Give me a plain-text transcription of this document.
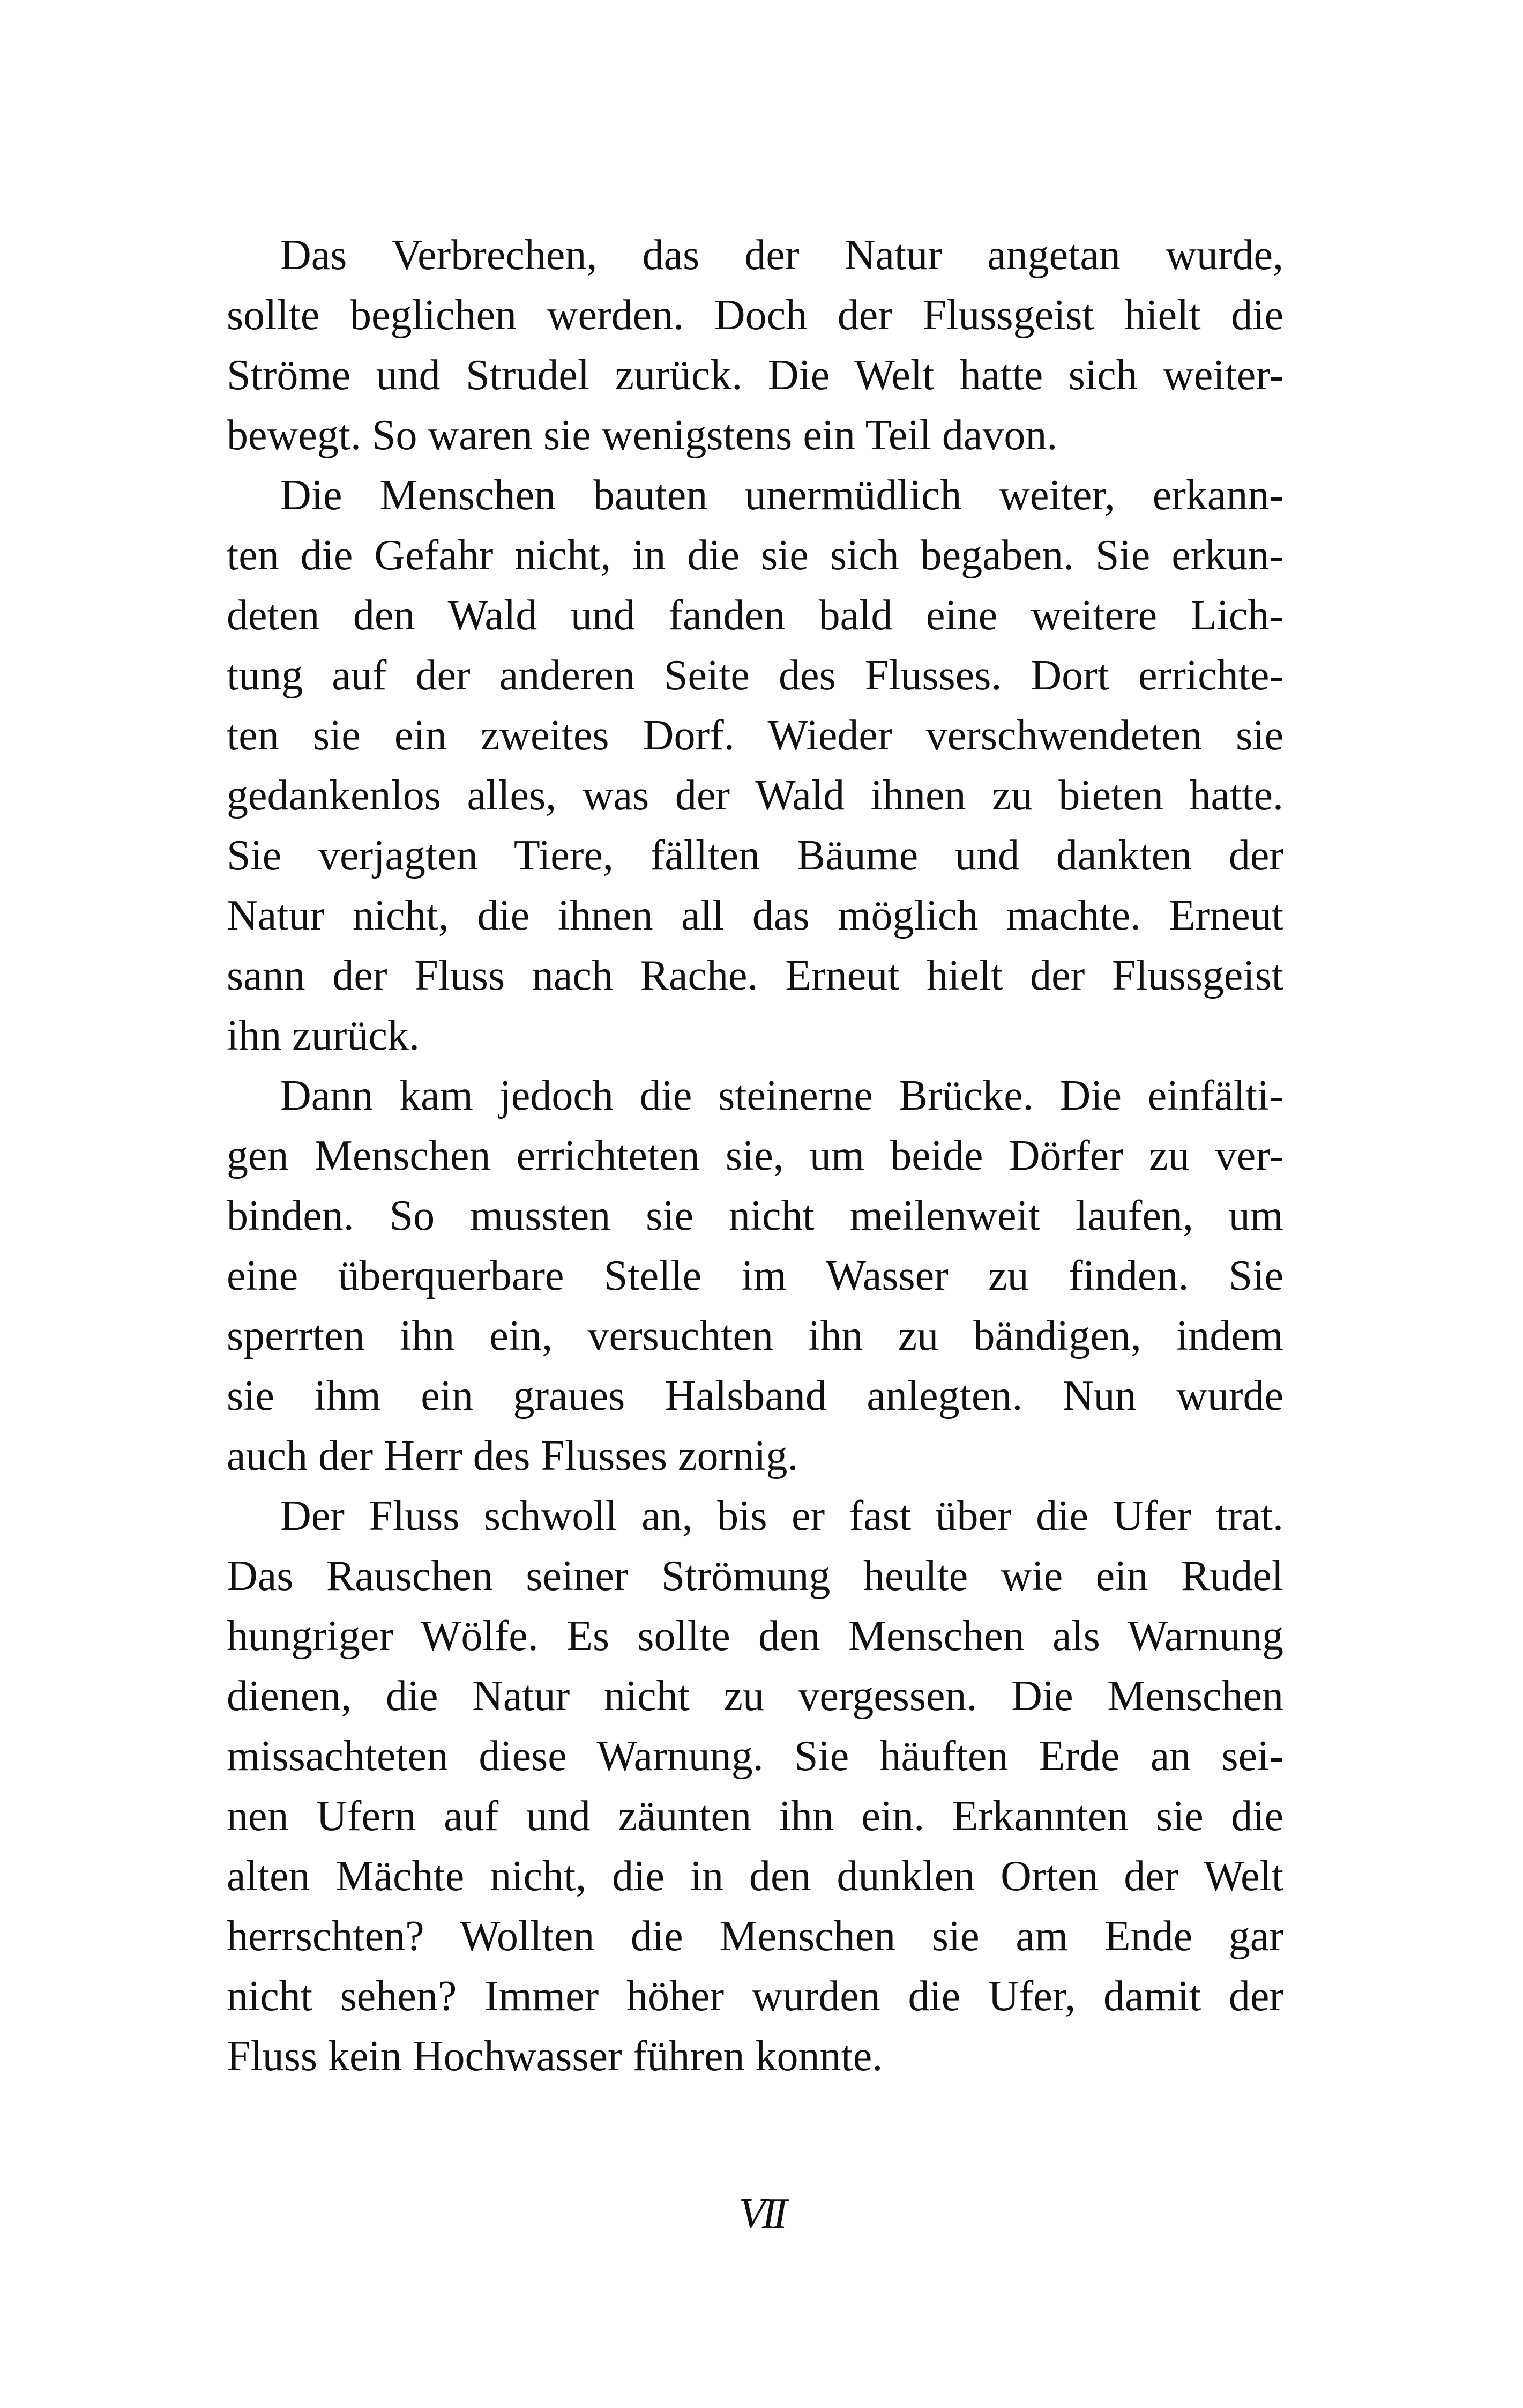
Das Verbrechen, das der Natur angetan wurde,
sollte beglichen werden. Doch der Flussgeist hielt die
Ströme und Strudel zurück. Die Welt hatte sich weiter-
bewegt. So waren sie wenigstens ein Teil davon.
Die Menschen bauten unermüdlich weiter, erkann-
ten die Gefahr nicht, in die sie sich begaben. Sie erkun-
deten den Wald und fanden bald eine weitere Lich-
tung auf der anderen Seite des Flusses. Dort errichte-
ten sie ein zweites Dorf. Wieder verschwendeten sie
gedankenlos alles, was der Wald ihnen zu bieten hatte.
Sie verjagten Tiere, fällten Bäume und dankten der
Natur nicht, die ihnen all das möglich machte. Erneut
sann der Fluss nach Rache. Erneut hielt der Flussgeist
ihn zurück.
Dann kam jedoch die steinerne Brücke. Die einfälti-
gen Menschen errichteten sie, um beide Dörfer zu ver-
binden. So mussten sie nicht meilenweit laufen, um
eine überquerbare Stelle im Wasser zu finden. Sie
sperrten ihn ein, versuchten ihn zu bändigen, indem
sie ihm ein graues Halsband anlegten. Nun wurde
auch der Herr des Flusses zornig.
Der Fluss schwoll an, bis er fast über die Ufer trat.
Das Rauschen seiner Strömung heulte wie ein Rudel
hungriger Wölfe. Es sollte den Menschen als Warnung
dienen, die Natur nicht zu vergessen. Die Menschen
missachteten diese Warnung. Sie häuften Erde an sei-
nen Ufern auf und zäunten ihn ein. Erkannten sie die
alten Mächte nicht, die in den dunklen Orten der Welt
herrschten? Wollten die Menschen sie am Ende gar
nicht sehen? Immer höher wurden die Ufer, damit der
Fluss kein Hochwasser führen konnte.
VII
